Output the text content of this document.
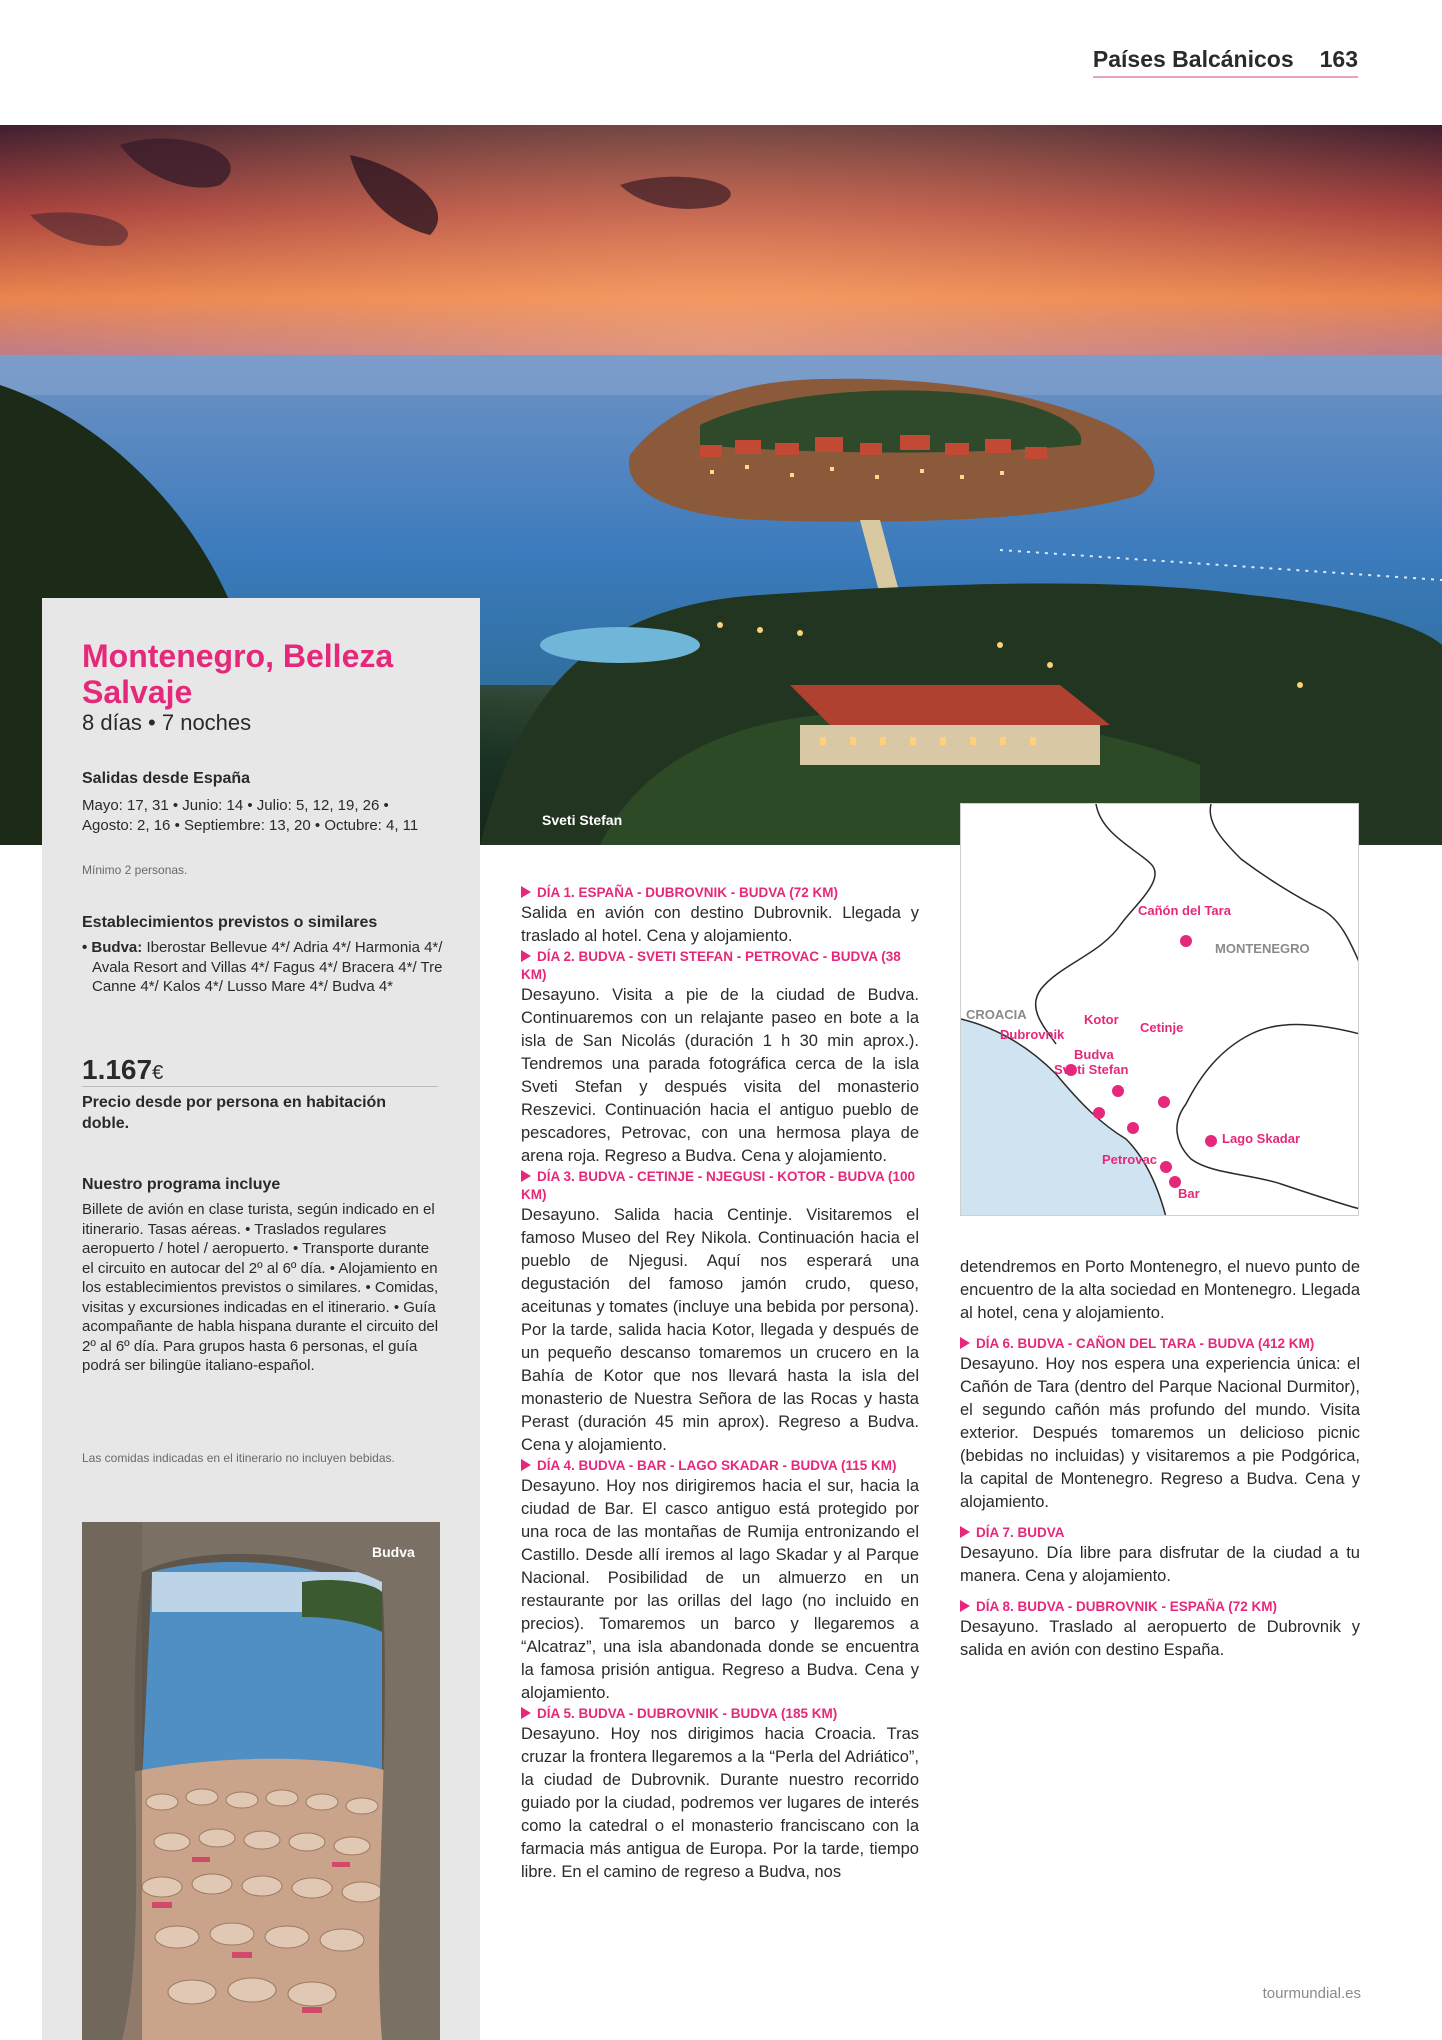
Países Balcánicos 163
Sveti Stefan
Montenegro, Belleza Salvaje
8 días • 7 noches
Salidas desde España
Mayo: 17, 31 • Junio: 14 • Julio: 5, 12, 19, 26 • Agosto: 2, 16 • Septiembre: 13, 20 • Octubre: 4, 11
Mínimo 2 personas.
Establecimientos previstos o similares
• Budva: Iberostar Bellevue 4*/ Adria 4*/ Harmonia 4*/ Avala Resort and Villas 4*/ Fagus 4*/ Bracera 4*/ Tre Canne 4*/ Kalos 4*/ Lusso Mare 4*/ Budva 4*
1.167€
Precio desde por persona en habitación doble.
Nuestro programa incluye
Billete de avión en clase turista, según indicado en el itinerario. Tasas aéreas. • Traslados regulares aeropuerto / hotel / aeropuerto. • Transporte durante el circuito en autocar del 2º al 6º día. • Alojamiento en los establecimientos previstos o similares. • Comidas, visitas y excursiones indicadas en el itinerario. • Guía acompañante de habla hispana durante el circuito del 2º al 6º día. Para grupos hasta 6 personas, el guía podrá ser bilingüe italiano-español.
Las comidas indicadas en el itinerario no incluyen bebidas.
Budva
DÍA 1. ESPAÑA - DUBROVNIK - BUDVA (72 KM)
Salida en avión con destino Dubrovnik. Llegada y traslado al hotel. Cena y alojamiento.
DÍA 2. BUDVA - SVETI STEFAN - PETROVAC - BUDVA (38 KM)
Desayuno. Visita a pie de la ciudad de Budva. Continuaremos con un relajante paseo en bote a la isla de San Nicolás (duración 1 h 30 min aprox.). Tendremos una parada fotográfica cerca de la isla Sveti Stefan y después visita del monasterio Reszevici. Continuación hacia el antiguo pueblo de pescadores, Petrovac, con una hermosa playa de arena roja. Regreso a Budva. Cena y alojamiento.
DÍA 3. BUDVA - CETINJE - NJEGUSI - KOTOR - BUDVA (100 KM)
Desayuno. Salida hacia Centinje. Visitaremos el famoso Museo del Rey Nikola. Continuación hacia el pueblo de Njegusi. Aquí nos esperará una degustación del famoso jamón crudo, queso, aceitunas y tomates (incluye una bebida por persona). Por la tarde, salida hacia Kotor, llegada y después de un pequeño descanso tomaremos un crucero en la Bahía de Kotor que nos llevará hasta la isla del monasterio de Nuestra Señora de las Rocas y hasta Perast (duración 45 min aprox). Regreso a Budva. Cena y alojamiento.
DÍA 4. BUDVA - BAR - LAGO SKADAR - BUDVA (115 KM)
Desayuno. Hoy nos dirigiremos hacia el sur, hacia la ciudad de Bar. El casco antiguo está protegido por una roca de las montañas de Rumija entronizando el Castillo. Desde allí iremos al lago Skadar y al Parque Nacional. Posibilidad de un almuerzo en un restaurante por las orillas del lago (no incluido en precios). Tomaremos un barco y llegaremos a “Alcatraz”, una isla abandonada donde se encuentra la famosa prisión antigua. Regreso a Budva. Cena y alojamiento.
DÍA 5. BUDVA - DUBROVNIK - BUDVA (185 KM)
Desayuno. Hoy nos dirigimos hacia Croacia. Tras cruzar la frontera llegaremos a la “Perla del Adriático”, la ciudad de Dubrovnik. Durante nuestro recorrido guiado por la ciudad, podremos ver lugares de interés como la catedral o el monasterio franciscano con la farmacia más antigua de Europa. Por la tarde, tiempo libre. En el camino de regreso a Budva, nos
Cañón del Tara
MONTENEGRO
CROACIA	Kotor
Dubrovnik	Cetinje
Budva
Sveti Stefan
Lago Skadar
Petrovac
Bar
detendremos en Porto Montenegro, el nuevo punto de encuentro de la alta sociedad en Montenegro. Llegada al hotel, cena y alojamiento.
DÍA 6. BUDVA - CAÑON DEL TARA - BUDVA (412 KM)
Desayuno. Hoy nos espera una experiencia única: el Cañón de Tara (dentro del Parque Nacional Durmitor), el segundo cañón más profundo del mundo. Visita exterior. Después tomaremos un delicioso picnic (bebidas no incluidas) y visitaremos a pie Podgórica, la capital de Montenegro. Regreso a Budva. Cena y alojamiento.
DÍA 7. BUDVA
Desayuno. Día libre para disfrutar de la ciudad a tu manera. Cena y alojamiento.
DÍA 8. BUDVA - DUBROVNIK - ESPAÑA (72 KM)
Desayuno. Traslado al aeropuerto de Dubrovnik y salida en avión con destino España.
tourmundial.es
